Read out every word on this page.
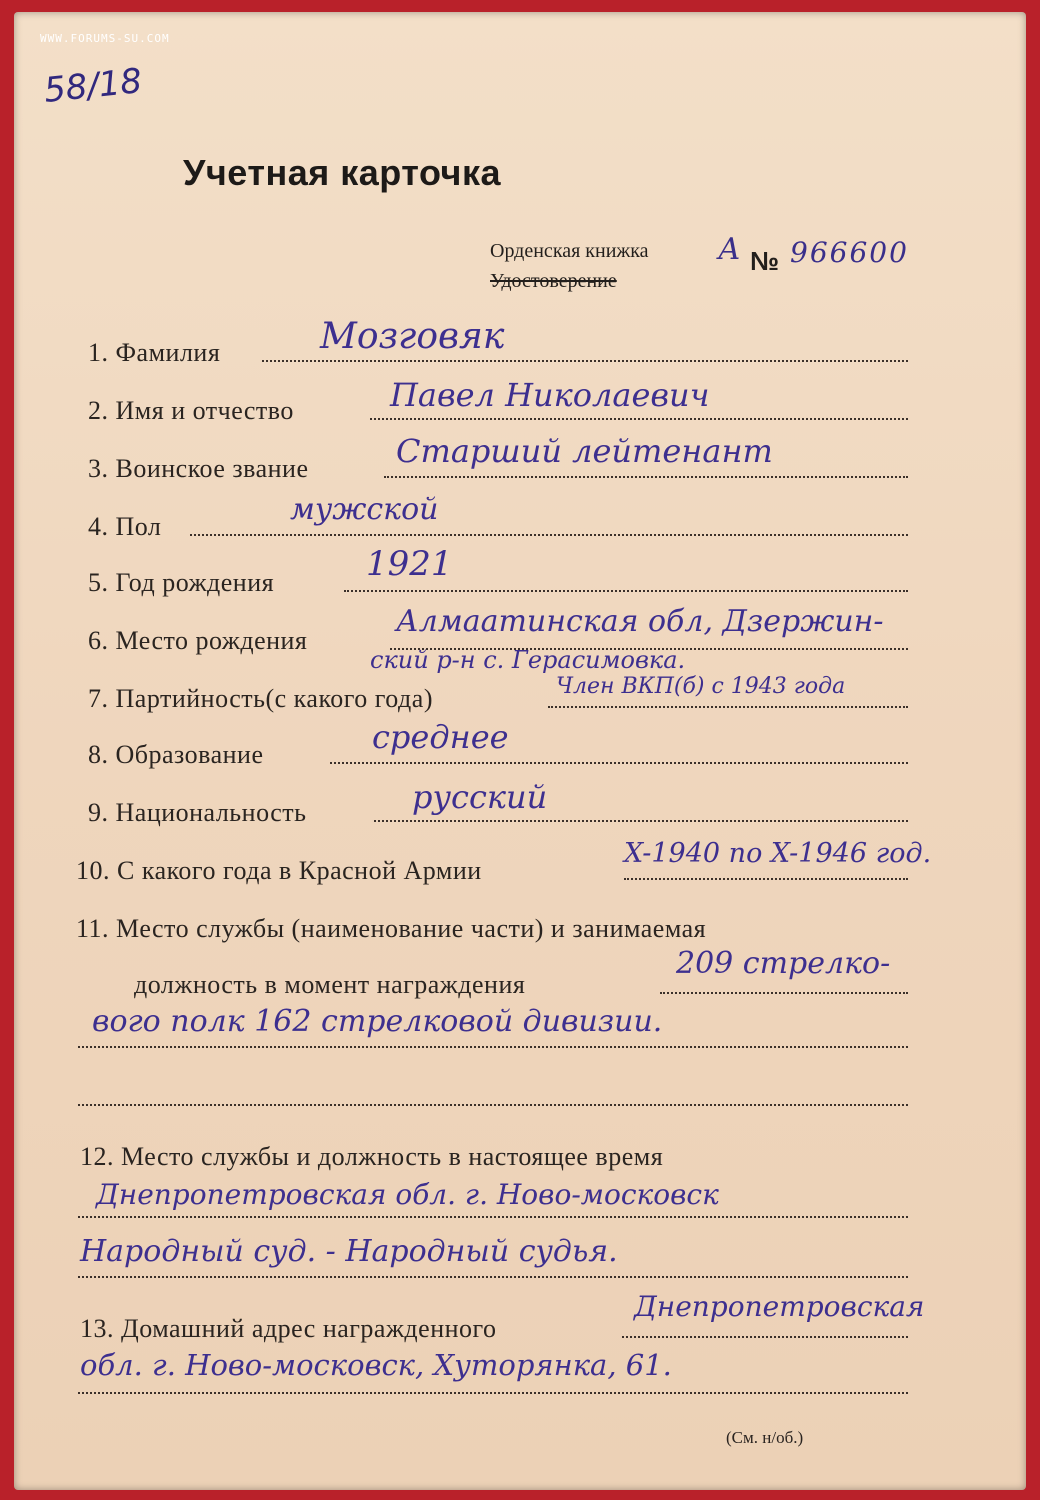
WWW.FORUMS-SU.COM
58/18
Учетная карточка
Орденская книжка
Удостоверение
А № 966600
1. Фамилия	Мозговяк
2. Имя и отчество	Павел Николаевич
3. Воинское звание	Старший лейтенант
4. Пол	мужской
5. Год рождения	1921
6. Место рождения
Алмаатинская обл, Дзержин-
ский р-н с. Герасимовка.
7. Партийность(с какого года)	Член ВКП(б) с 1943 года
8. Образование	среднее
9. Национальность	русский
10. С какого года в Красной Армии
X-1940 по X-1946 год.
11. Место службы (наименование части) и занимаемая
должность в момент награждения
209 стрелко-
вого полк 162 стрелковой дивизии.
12. Место службы и должность в настоящее время
Днепропетровская обл. г. Ново-московск
Народный суд. - Народный судья.
13. Домашний адрес награжденного
Днепропетровская
обл. г. Ново-московск, Хуторянка, 61.
(См. н/об.)
